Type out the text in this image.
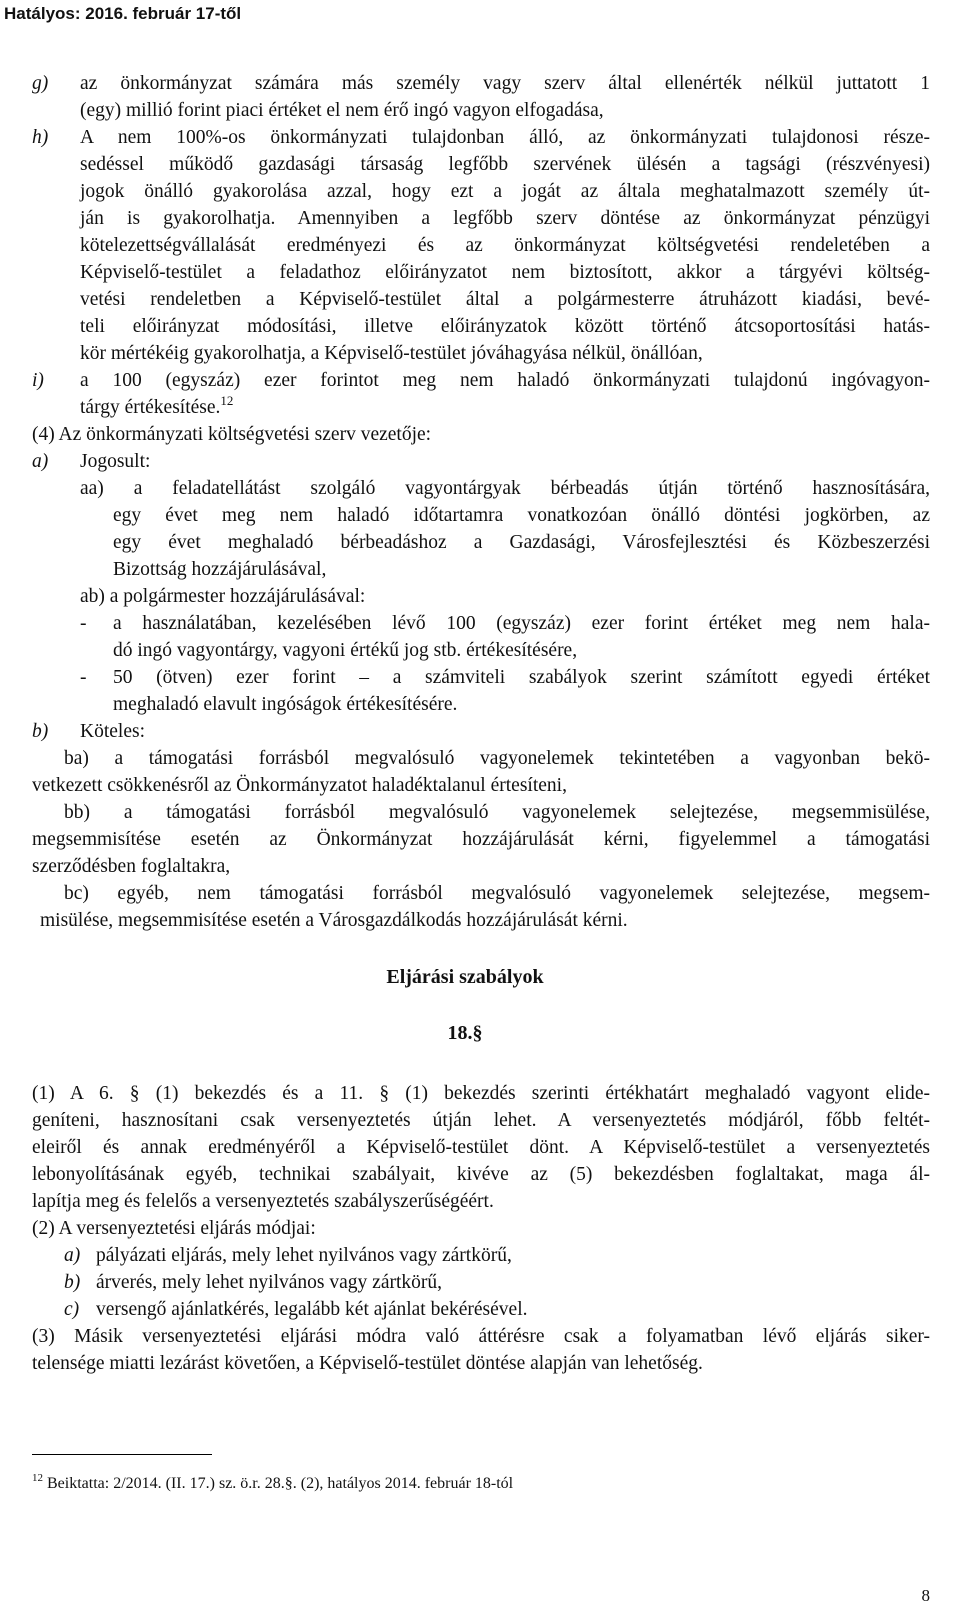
Hatályos: 2016. február 17-től
g) az önkormányzat számára más személy vagy szerv által ellenérték nélkül juttatott 1
(egy) millió forint piaci értéket el nem érő ingó vagyon elfogadása,
h) A nem 100%-os önkormányzati tulajdonban álló, az önkormányzati tulajdonosi része-
sedéssel működő gazdasági társaság legfőbb szervének ülésén a tagsági (részvényesi)
jogok önálló gyakorolása azzal, hogy ezt a jogát az általa meghatalmazott személy út-
ján is gyakorolhatja. Amennyiben a legfőbb szerv döntése az önkormányzat pénzügyi
kötelezettségvállalását eredményezi és az önkormányzat költségvetési rendeletében a
Képviselő-testület a feladathoz előirányzatot nem biztosított, akkor a tárgyévi költség-
vetési rendeletben a Képviselő-testület által a polgármesterre átruházott kiadási, bevé-
teli előirányzat módosítási, illetve előirányzatok között történő átcsoportosítási hatás-
kör mértékéig gyakorolhatja, a Képviselő-testület jóváhagyása nélkül, önállóan,
i) a 100 (egyszáz) ezer forintot meg nem haladó önkormányzati tulajdonú ingóvagyon-
tárgy értékesítése.$^{12}$
(4) Az önkormányzati költségvetési szerv vezetője:
a) Jogosult:
aa) a feladatellátást szolgáló vagyontárgyak bérbeadás útján történő hasznosítására,
egy évet meg nem haladó időtartamra vonatkozóan önálló döntési jogkörben, az
egy évet meghaladó bérbeadáshoz a Gazdasági, Városfejlesztési és Közbeszerzési
Bizottság hozzájárulásával,
ab) a polgármester hozzájárulásával:
- a használatában, kezelésében lévő 100 (egyszáz) ezer forint értéket meg nem hala-
dó ingó vagyontárgy, vagyoni értékű jog stb. értékesítésére,
- 50 (ötven) ezer forint – a számviteli szabályok szerint számított egyedi értéket
meghaladó elavult ingóságok értékesítésére.
b) Köteles:
ba) a támogatási forrásból megvalósuló vagyonelemek tekintetében a vagyonban bekö-
vetkezett csökkenésről az Önkormányzatot haladéktalanul értesíteni,
bb) a támogatási forrásból megvalósuló vagyonelemek selejtezése, megsemmisülése,
megsemmisítése esetén az Önkormányzat hozzájárulását kérni, figyelemmel a támogatási
szerződésben foglaltakra,
bc) egyéb, nem támogatási forrásból megvalósuló vagyonelemek selejtezése, megsem-
misülése, megsemmisítése esetén a Városgazdálkodás hozzájárulását kérni.
Eljárási szabályok
18.§
(1) A 6. § (1) bekezdés és a 11. § (1) bekezdés szerinti értékhatárt meghaladó vagyont elide-
geníteni, hasznosítani csak versenyeztetés útján lehet. A versenyeztetés módjáról, főbb feltét-
eleiről és annak eredményéről a Képviselő-testület dönt. A Képviselő-testület a versenyeztetés
lebonyolításának egyéb, technikai szabályait, kivéve az (5) bekezdésben foglaltakat, maga ál-
lapítja meg és felelős a versenyeztetés szabályszerűségéért.
(2) A versenyeztetési eljárás módjai:
a) pályázati eljárás, mely lehet nyilvános vagy zártkörű,
b) árverés, mely lehet nyilvános vagy zártkörű,
c) versengő ajánlatkérés, legalább két ajánlat bekérésével.
(3) Másik versenyeztetési eljárási módra való áttérésre csak a folyamatban lévő eljárás siker-
telensége miatti lezárást követően, a Képviselő-testület döntése alapján van lehetőség.
$^{12}$ Beiktatta: 2/2014. (II. 17.) sz. ö.r. 28.§. (2), hatályos 2014. február 18-tól
8
